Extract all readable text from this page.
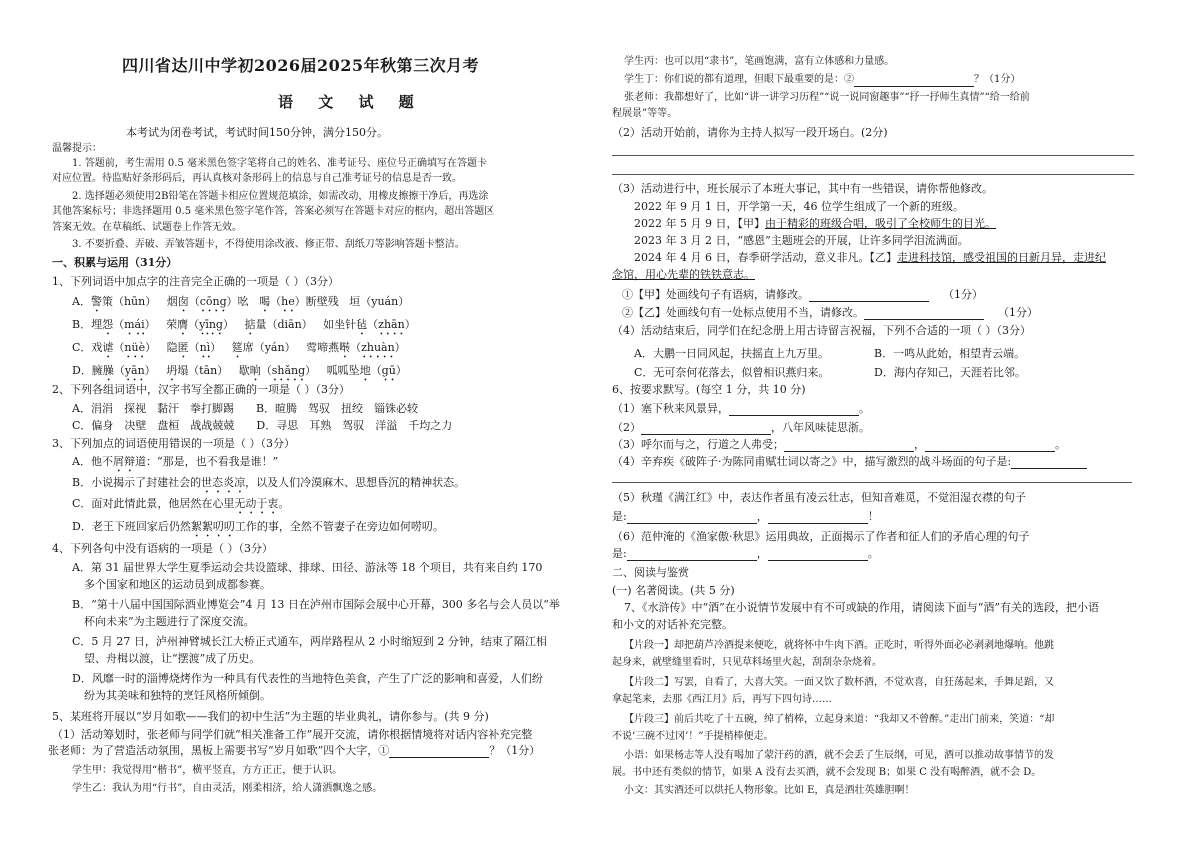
四川省达川中学初2026届2025年秋第三次月考
语 文 试 题
本考试为闭卷考试，考试时间150分钟，满分150分。
温馨提示：
1. 答题前，考生需用 0.5 毫米黑色签字笔将自己的姓名、准考证号、座位号正确填写在答题卡
对应位置。待监贴好条形码后，再认真核对条形码上的信息与自己准考证号的信息是否一致。
2. 选择题必须使用2B铅笔在答题卡相应位置规范填涂，如需改动，用橡皮擦擦干净后，再选涂
其他答案标号；非选择题用 0.5 毫米黑色签字笔作答，答案必须写在答题卡对应的框内，超出答题区
答案无效。在草稿纸、试题卷上作答无效。
3. 不要折叠、弄破、弄皱答题卡，不得使用涂改液、修正带、刮纸刀等影响答题卡整洁。
一、积累与运用（31分）
1、下列词语中加点字的注音完全正确的一项是（ ）（3分）
A．警策（hūn） 烟囱（cōng）吆 喝（he）断壁残 垣（yuán）
B．埋怨（mái） 荣膺（yīng） 掂量（diān） 如坐针毡（zhān）
C．戏谑（nüè） 隐匿（nì） 筵席（yán） 莺啼燕啭（zhuàn）
D．臃臊（yān） 坍塌（tān） 歇晌（shǎng） 呱呱坠地（gū）
2、下列各组词语中，汉字书写全都正确的一项是（ ）（3分）
A．涓涓　探视　黏汗　拳打脚踢　　B．暄腾　驾驭　扭绞　锱铢必较
C．偏身　决壁　盘桓　战战兢兢　　D．寻思　耳熟　驾驭　洋溢　千均之力
3、下列加点的词语使用错误的一项是（ ）（3分）
A．他不屑辩道：“那是，也不看我是谁！”
B．小说揭示了封建社会的世态炎凉，以及人们冷漠麻木、思想昏沉的精神状态。
C．面对此情此景，他居然在心里无动于衷。
D．老王下班回家后仍然絮絮叨叨工作的事，全然不管妻子在旁边如何唠叨。
4、下列各句中没有语病的一项是（ ）（3分）
A．第 31 届世界大学生夏季运动会共设篮球、排球、田径、游泳等 18 个项目，共有来自约 170
多个国家和地区的运动员到成都参赛。
B．“第十八届中国国际酒业博览会”4 月 13 日在泸州市国际会展中心开幕，300 多名与会人员以“举
杯向未来”为主题进行了深度交流。
C．5 月 27 日，泸州神臂城长江大桥正式通车，两岸路程从 2 小时缩短到 2 分钟，结束了隔江相
望、舟楫以渡，让“摆渡”成了历史。
D．风靡一时的淄博烧烤作为一种具有代表性的当地特色美食，产生了广泛的影响和喜爱，人们纷
纷为其美味和独特的烹饪风格所倾倒。
5、某班将开展以“岁月如歌——我们的初中生活”为主题的毕业典礼，请你参与。(共 9 分)
（1）活动筹划时，张老师与同学们就“相关准备工作”展开交流，请你根据情境将对话内容补充完整
张老师：为了营造活动氛围，黑板上需要书写“岁月如歌”四个大字，①	？（1分）
学生甲：我觉得用“楷书”，横平竖直，方方正正，便于认识。
学生乙：我认为用“行书”，自由灵活，刚柔相济，给人潇洒飘逸之感。
学生丙：也可以用“隶书”，笔画饱满，富有立体感和力量感。
学生丁：你们说的都有道理，但眼下最重要的是：②	？（1分）
张老师：我都想好了，比如“讲一讲学习历程”“说一说同窗趣事”“抒一抒师生真情”“给一给前
程展景”等等。
（2）活动开始前，请你为主持人拟写一段开场白。(2分)
（3）活动进行中，班长展示了本班大事记，其中有一些错误，请你帮他修改。
2022 年 9 月 1 日，开学第一天，46 位学生组成了一个新的班级。
2022 年 5 月 9 日，【甲】由于精彩的班级合唱，吸引了全校师生的目光。
2023 年 3 月 2 日，“感恩”主题班会的开展，让许多同学泪流满面。
2024 年 4 月 6 日，春季研学活动，意义非凡。【乙】走进科技馆，感受祖国的日新月异，走进纪
念馆，用心先辈的铁铁意志。
①【甲】处画线句子有语病，请修改。	（1分）
②【乙】处画线句有一处标点使用不当，请修改。	（1分）
（4）活动结束后，同学们在纪念册上用古诗留言祝福，下列不合适的一项（ ）（3分）
A．大鹏一日同风起，扶摇直上九万里。	B．一鸣从此始，相望青云端。
C．无可奈何花落去，似曾相识燕归来。	D．海内存知己，天涯若比邻。
6、按要求默写。(每空 1 分，共 10 分)
（1）塞下秋来风景异，	。
（2）	，八年风味徒思浙。
（3）呼尔而与之，行道之人弗受；	，	。
（4）辛弃疾《破阵子·为陈同甫赋壮词以寄之》中，描写激烈的战斗场面的句子是:
（5）秋瑾《满江红》中，表达作者虽有凌云壮志，但知音难觅，不觉泪湿衣襟的句子
是:	，	！
（6）范仲淹的《渔家傲·秋思》运用典故，正面揭示了作者和征人们的矛盾心理的句子
是:	，	。
二、阅读与鉴赏
(一) 名著阅读。(共 5 分)
7、《水浒传》中“酒”在小说情节发展中有不可或缺的作用，请阅读下面与“酒”有关的选段，把小语
和小文的对话补充完整。
【片段一】却把葫芦冷酒提来便吃，就将怀中牛肉下酒。正吃时，听得外面必必剥剥地爆响。他跳
起身来，就壁缝里看时，只见草料场里火起，刮刮杂杂烧着。
【片段二】写罢，自看了，大喜大笑。一面又饮了数杯酒，不觉欢喜，自狂荡起来，手舞足蹈，又
拿起笔来，去那《西江月》后，再写下四句诗……
【片段三】前后共吃了十五碗，绰了梢棒，立起身来道：“我却又不曾醉。”走出门前来，笑道：“却
不说‘三碗不过冈’！”手提梢棒便走。
小语：如果杨志等人没有喝加了蒙汗药的酒，就不会丢了生辰纲，可见，酒可以推动故事情节的发
展。书中还有类似的情节，如果 A 没有去买酒，就不会发现 B；如果 C 没有喝醉酒，就不会 D。
小文：其实酒还可以烘托人物形象。比如 E，真是酒壮英雄胆啊！
